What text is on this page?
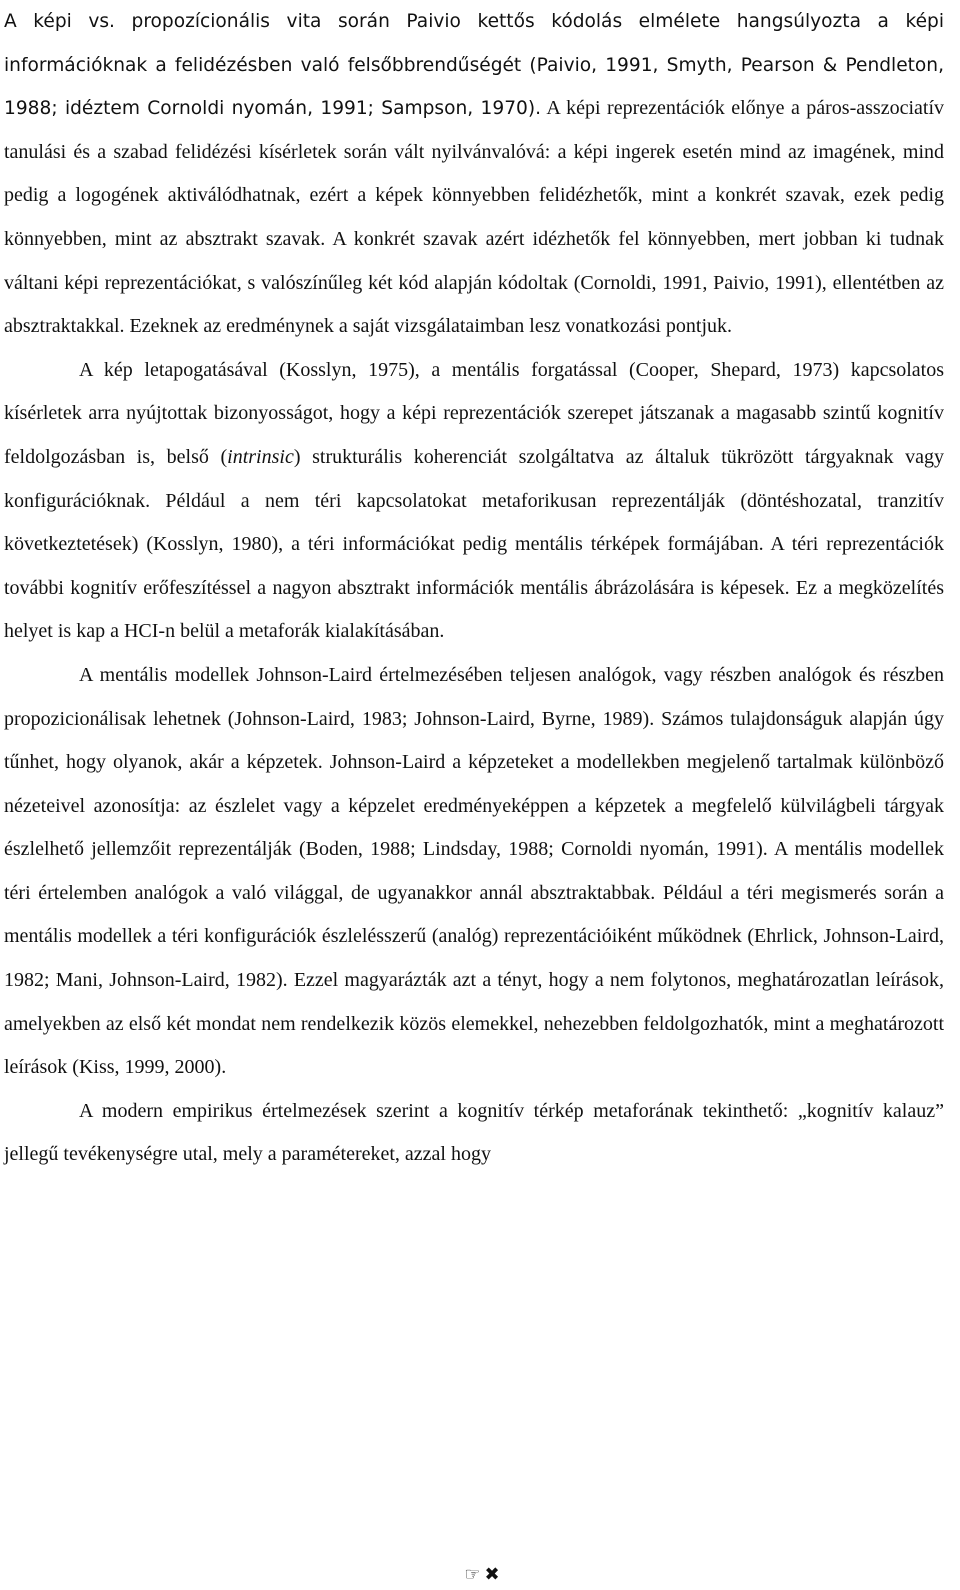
A képi vs. propozícionális vita során Paivio kettős kódolás elmélete hangsúlyozta a képi információknak a felidézésben való felsőbbrendűségét (Paivio, 1991, Smyth, Pearson & Pendleton, 1988; idéztem Cornoldi nyomán, 1991; Sampson, 1970). A képi reprezentációk előnye a páros-asszociatív tanulási és a szabad felidézési kísérletek során vált nyilvánvalóvá: a képi ingerek esetén mind az imagének, mind pedig a logogének aktiválódhatnak, ezért a képek könnyebben felidézhetők, mint a konkrét szavak, ezek pedig könnyebben, mint az absztrakt szavak. A konkrét szavak azért idézhetők fel könnyebben, mert jobban ki tudnak váltani képi reprezentációkat, s valószínűleg két kód alapján kódoltak (Cornoldi, 1991, Paivio, 1991), ellentétben az absztraktakkal. Ezeknek az eredménynek a saját vizsgálataimban lesz vonatkozási pontjuk.

A kép letapogatásával (Kosslyn, 1975), a mentális forgatással (Cooper, Shepard, 1973) kapcsolatos kísérletek arra nyújtottak bizonyosságot, hogy a képi reprezentációk szerepet játszanak a magasabb szintű kognitív feldolgozásban is, belső (intrinsic) strukturális koherenciát szolgáltatva az általuk tükrözött tárgyaknak vagy konfigurációknak. Például a nem téri kapcsolatokat metaforikusan reprezentálják (döntéshozatal, tranzitív következtetések) (Kosslyn, 1980), a téri információkat pedig mentális térképek formájában. A téri reprezentációk további kognitív erőfeszítéssel a nagyon absztrakt információk mentális ábrázolására is képesek. Ez a megközelítés helyet is kap a HCI-n belül a metaforák kialakításában.

A mentális modellek Johnson-Laird értelmezésében teljesen analógok, vagy részben analógok és részben propozicionálisak lehetnek (Johnson-Laird, 1983; Johnson-Laird, Byrne, 1989). Számos tulajdonságuk alapján úgy tűnhet, hogy olyanok, akár a képzetek. Johnson-Laird a képzeteket a modellekben megjelenő tartalmak különböző nézeteivel azonosítja: az észlelet vagy a képzelet eredményeképpen a képzetek a megfelelő külvilágbeli tárgyak észlelhető jellemzőit reprezentálják (Boden, 1988; Lindsday, 1988; Cornoldi nyomán, 1991). A mentális modellek téri értelemben analógok a való világgal, de ugyanakkor annál absztraktabbak. Például a téri megismerés során a mentális modellek a téri konfigurációk észlelésszerű (analóg) reprezentációiként működnek (Ehrlick, Johnson-Laird, 1982; Mani, Johnson-Laird, 1982). Ezzel magyarázták azt a tényt, hogy a nem folytonos, meghatározatlan leírások, amelyekben az első két mondat nem rendelkezik közös elemekkel, nehezebben feldolgozhatók, mint a meghatározott leírások (Kiss, 1999, 2000).

A modern empirikus értelmezések szerint a kognitív térkép metaforának tekinthető: „kognitív kalauz” jellegű tevékenységre utal, mely a paramétereket, azzal hogy

☞ ✖
